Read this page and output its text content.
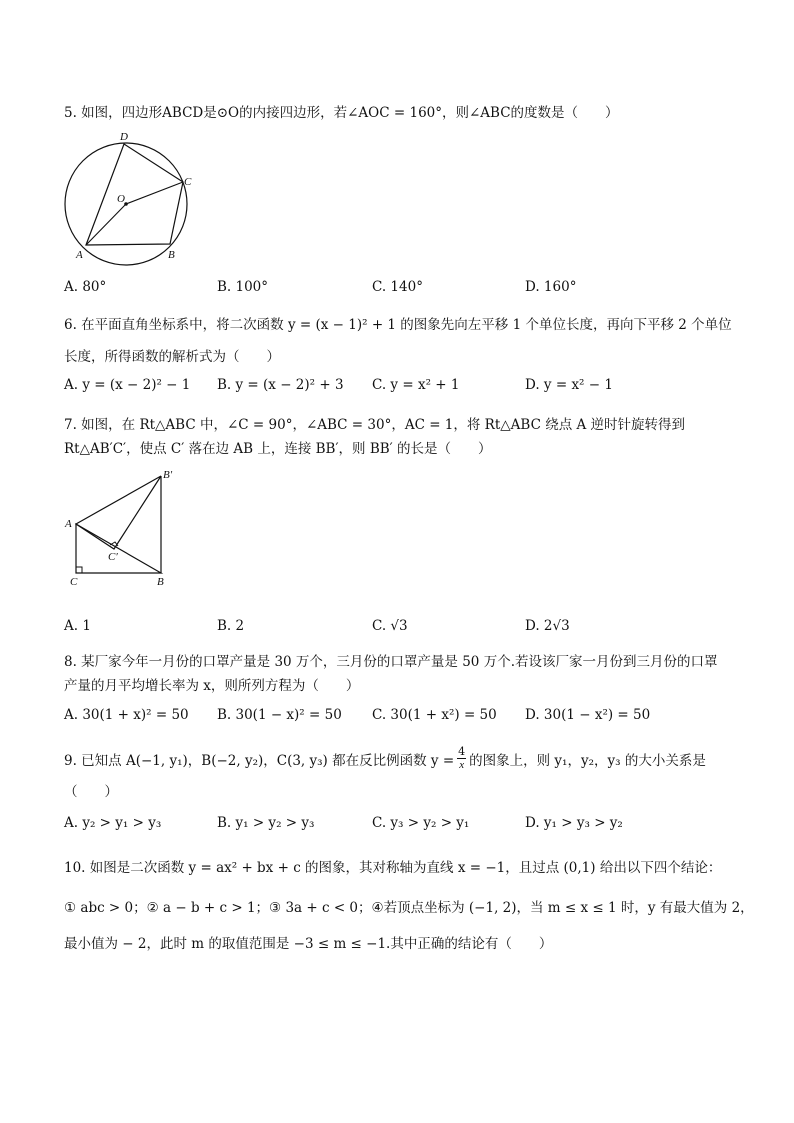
5. 如图，四边形ABCD是⊙O的内接四边形，若∠AOC = 160°，则∠ABC的度数是（　　）
D
C
O
A	B
A. 80°	B. 100°	C. 140°	D. 160°
6. 在平面直角坐标系中，将二次函数 y = (x − 1)² + 1 的图象先向左平移 1 个单位长度，再向下平移 2 个单位
长度，所得函数的解析式为（　　）
A. y = (x − 2)² − 1 B. y = (x − 2)² + 3 C. y = x² + 1	D. y = x² − 1
7. 如图，在 Rt△ABC 中，∠C = 90°，∠ABC = 30°，AC = 1，将 Rt△ABC 绕点 A 逆时针旋转得到
Rt△AB′C′，使点 C′ 落在边 AB 上，连接 BB′，则 BB′ 的长是（　　）
B′
A
C′
C	B
A. 1	B. 2	C. √3	D. 2√3
8. 某厂家今年一月份的口罩产量是 30 万个，三月份的口罩产量是 50 万个.若设该厂家一月份到三月份的口罩
产量的月平均增长率为 x，则所列方程为（　　）
A. 30(1 + x)² = 50 B. 30(1 − x)² = 50 C. 30(1 + x²) = 50 D. 30(1 − x²) = 50
9. 已知点 A(−1, y₁)，B(−2, y₂)，C(3, y₃) 都在反比例函数 y =
4
x 的图象上，则 y₁，y₂，y₃ 的大小关系是
（　　）
A. y₂ > y₁ > y₃	B. y₁ > y₂ > y₃	C. y₃ > y₂ > y₁	D. y₁ > y₃ > y₂
10. 如图是二次函数 y = ax² + bx + c 的图象，其对称轴为直线 x = −1，且过点 (0,1) 给出以下四个结论：
① abc > 0；② a − b + c > 1；③ 3a + c < 0；④若顶点坐标为 (−1, 2)，当 m ≤ x ≤ 1 时，y 有最大值为 2，
最小值为 − 2，此时 m 的取值范围是 −3 ≤ m ≤ −1.其中正确的结论有（　　）
